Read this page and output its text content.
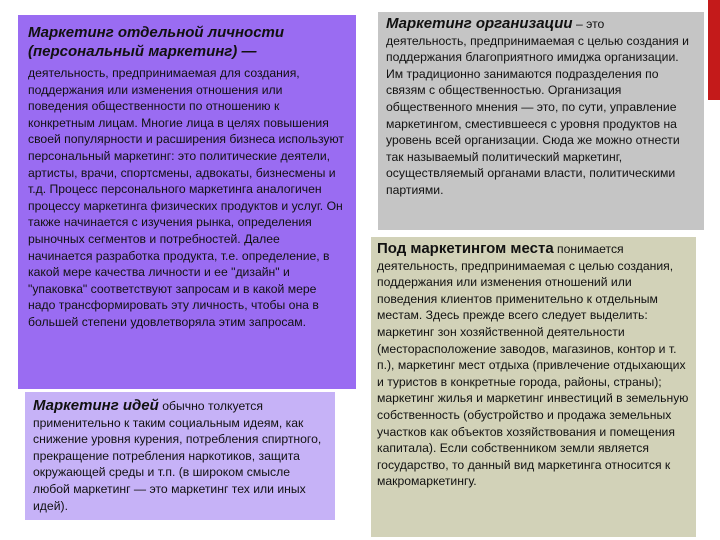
Маркетинг отдельной личности (персональный маркетинг) —

деятельность, предпринимаемая для создания, поддержания или изменения отношения или поведения общественности по отношению к конкретным лицам. Многие лица в целях повышения своей популярности и расширения бизнеса используют персональный маркетинг: это политические деятели, артисты, врачи, спортсмены, адвокаты, бизнесмены и т.д. Процесс персонального маркетинга аналогичен процессу маркетинга физических продуктов и услуг. Он также начинается с изучения рынка, определения рыночных сегментов и потребностей. Далее начинается разработка продукта, т.е. определение, в какой мере качества личности и ее "дизайн" и "упаковка" соответствуют запросам и в какой мере надо трансформировать эту личность, чтобы она в большей степени удовлетворяла этим запросам.

Маркетинг идей обычно толкуется
применительно к таким социальным идеям, как снижение уровня курения, потребления спиртного, прекращение потребления наркотиков, защита окружающей среды и т.п. (в широком смысле любой маркетинг — это маркетинг тех или иных идей).

Маркетинг организации – это
деятельность, предпринимаемая с целью создания и поддержания благоприятного имиджа организации. Им традиционно занимаются подразделения по связям с общественностью. Организация общественного мнения — это, по сути, управление маркетингом, сместившееся с уровня продуктов на уровень всей организации. Сюда же можно отнести так называемый политический маркетинг, осуществляемый органами власти, политическими партиями.

Под маркетингом места понимается
деятельность, предпринимаемая с целью создания, поддержания или изменения отношений или поведения клиентов применительно к отдельным местам. Здесь прежде всего следует выделить: маркетинг зон хозяйственной деятельности (месторасположение заводов, магазинов, контор и т. п.), маркетинг мест отдыха (привлечение отдыхающих и туристов в конкретные города, районы, страны); маркетинг жилья и маркетинг инвестиций в земельную собственность (обустройство и продажа земельных участков как объектов хозяйствования и помещения капитала). Если собственником земли является государство, то данный вид маркетинга относится к макромаркетингу.
